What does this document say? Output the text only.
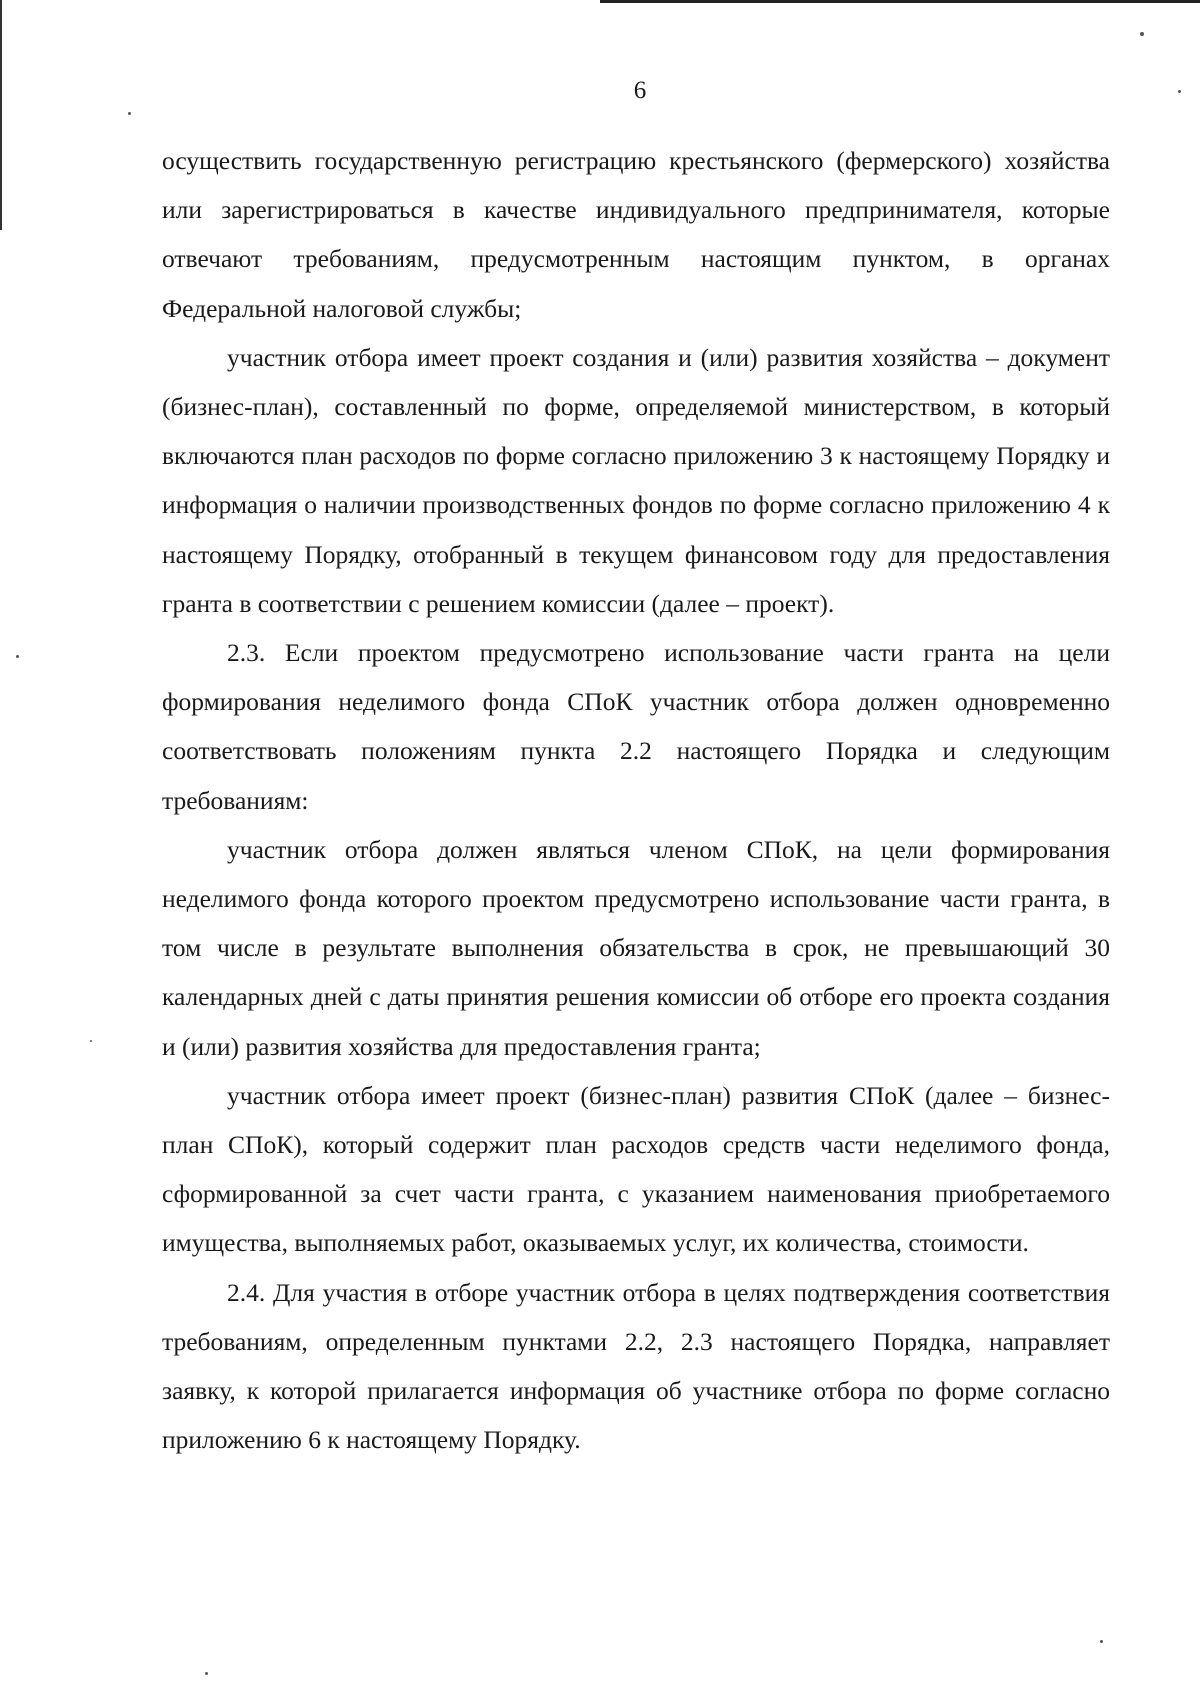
6

осуществить государственную регистрацию крестьянского (фермерского) хозяйства или зарегистрироваться в качестве индивидуального предпринимателя, которые отвечают требованиям, предусмотренным настоящим пунктом, в органах Федеральной налоговой службы;

участник отбора имеет проект создания и (или) развития хозяйства – документ (бизнес-план), составленный по форме, определяемой министерством, в который включаются план расходов по форме согласно приложению 3 к настоящему Порядку и информация о наличии производственных фондов по форме согласно приложению 4 к настоящему Порядку, отобранный в текущем финансовом году для предоставления гранта в соответствии с решением комиссии (далее – проект).

2.3. Если проектом предусмотрено использование части гранта на цели формирования неделимого фонда СПоК участник отбора должен одновременно соответствовать положениям пункта 2.2 настоящего Порядка и следующим требованиям:

участник отбора должен являться членом СПоК, на цели формирования неделимого фонда которого проектом предусмотрено использование части гранта, в том числе в результате выполнения обязательства в срок, не превышающий 30 календарных дней с даты принятия решения комиссии об отборе его проекта создания и (или) развития хозяйства для предоставления гранта;

участник отбора имеет проект (бизнес-план) развития СПоК (далее – бизнес-план СПоК), который содержит план расходов средств части неделимого фонда, сформированной за счет части гранта, с указанием наименования приобретаемого имущества, выполняемых работ, оказываемых услуг, их количества, стоимости.

2.4. Для участия в отборе участник отбора в целях подтверждения соответствия требованиям, определенным пунктами 2.2, 2.3 настоящего Порядка, направляет заявку, к которой прилагается информация об участнике отбора по форме согласно приложению 6 к настоящему Порядку.
